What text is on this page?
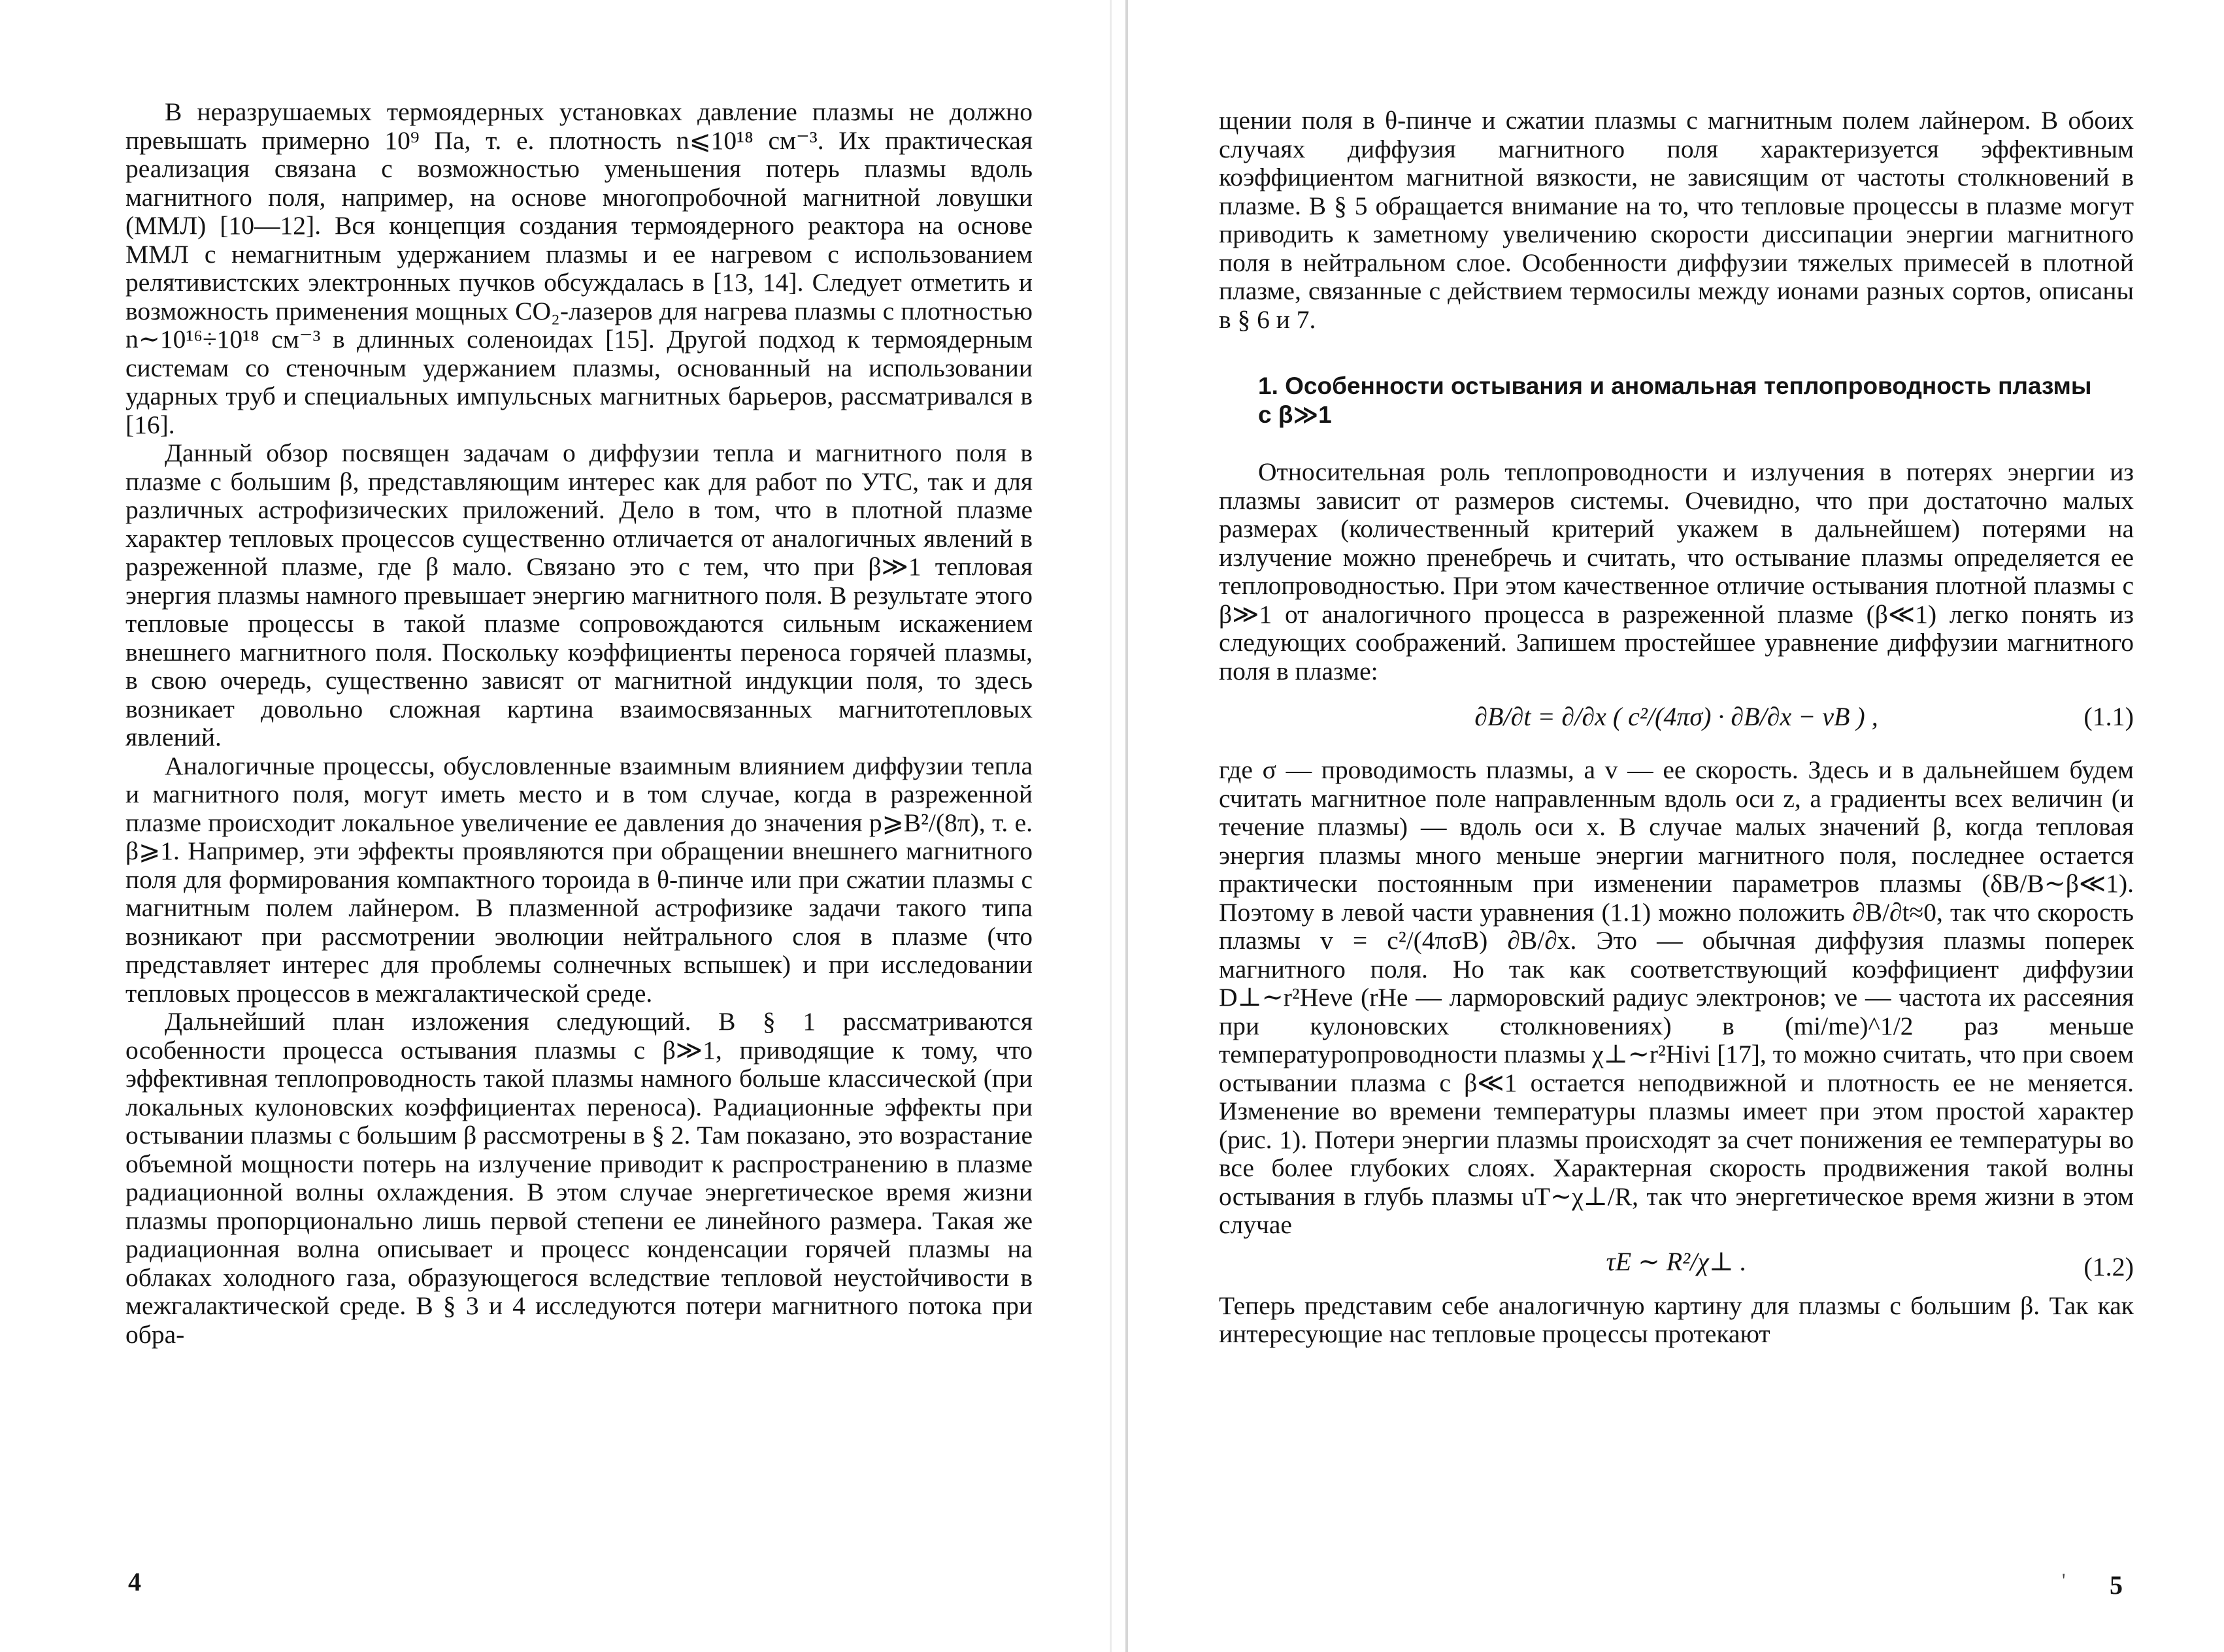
В неразрушаемых термоядерных установках давление плазмы не должно превышать примерно 10⁹ Па, т. е. плотность n⩽10¹⁸ см⁻³. Их практическая реализация связана с возможностью уменьшения потерь плазмы вдоль магнитного поля, например, на основе многопробочной магнитной ловушки (ММЛ) [10—12]. Вся концепция создания термоядерного реактора на основе ММЛ с немагнитным удержанием плазмы и ее нагревом с использованием релятивистских электронных пучков обсуждалась в [13, 14]. Следует отметить и возможность применения мощных CO₂-лазеров для нагрева плазмы с плотностью n∼10¹⁶÷10¹⁸ см⁻³ в длинных соленоидах [15]. Другой подход к термоядерным системам со стеночным удержанием плазмы, основанный на использовании ударных труб и специальных импульсных магнитных барьеров, рассматривался в [16].

Данный обзор посвящен задачам о диффузии тепла и магнитного поля в плазме с большим β, представляющим интерес как для работ по УТС, так и для различных астрофизических приложений. Дело в том, что в плотной плазме характер тепловых процессов существенно отличается от аналогичных явлений в разреженной плазме, где β мало. Связано это с тем, что при β≫1 тепловая энергия плазмы намного превышает энергию магнитного поля. В результате этого тепловые процессы в такой плазме сопровождаются сильным искажением внешнего магнитного поля. Поскольку коэффициенты переноса горячей плазмы, в свою очередь, существенно зависят от магнитной индукции поля, то здесь возникает довольно сложная картина взаимосвязанных магнитотепловых явлений.

Аналогичные процессы, обусловленные взаимным влиянием диффузии тепла и магнитного поля, могут иметь место и в том случае, когда в разреженной плазме происходит локальное увеличение ее давления до значения p⩾B²/(8π), т. е. β⩾1. Например, эти эффекты проявляются при обращении внешнего магнитного поля для формирования компактного тороида в θ-пинче или при сжатии плазмы с магнитным полем лайнером. В плазменной астрофизике задачи такого типа возникают при рассмотрении эволюции нейтрального слоя в плазме (что представляет интерес для проблемы солнечных вспышек) и при исследовании тепловых процессов в межгалактической среде.

Дальнейший план изложения следующий. В § 1 рассматриваются особенности процесса остывания плазмы с β≫1, приводящие к тому, что эффективная теплопроводность такой плазмы намного больше классической (при локальных кулоновских коэффициентах переноса). Радиационные эффекты при остывании плазмы с большим β рассмотрены в § 2. Там показано, это возрастание объемной мощности потерь на излучение приводит к распространению в плазме радиационной волны охлаждения. В этом случае энергетическое время жизни плазмы пропорционально лишь первой степени ее линейного размера. Такая же радиационная волна описывает и процесс конденсации горячей плазмы на облаках холодного газа, образующегося вследствие тепловой неустойчивости в межгалактической среде. В § 3 и 4 исследуются потери магнитного потока при обра-

4

щении поля в θ-пинче и сжатии плазмы с магнитным полем лайнером. В обоих случаях диффузия магнитного поля характеризуется эффективным коэффициентом магнитной вязкости, не зависящим от частоты столкновений в плазме. В § 5 обращается внимание на то, что тепловые процессы в плазме могут приводить к заметному увеличению скорости диссипации энергии магнитного поля в нейтральном слое. Особенности диффузии тяжелых примесей в плотной плазме, связанные с действием термосилы между ионами разных сортов, описаны в § 6 и 7.

1. Особенности остывания и аномальная теплопроводность плазмы с β≫1

Относительная роль теплопроводности и излучения в потерях энергии из плазмы зависит от размеров системы. Очевидно, что при достаточно малых размерах (количественный критерий укажем в дальнейшем) потерями на излучение можно пренебречь и считать, что остывание плазмы определяется ее теплопроводностью. При этом качественное отличие остывания плотной плазмы с β≫1 от аналогичного процесса в разреженной плазме (β≪1) легко понять из следующих соображений. Запишем простейшее уравнение диффузии магнитного поля в плазме:

∂B/∂t = ∂/∂x ( c²/(4πσ) · ∂B/∂x − vB ) ,	(1.1)

где σ — проводимость плазмы, а v — ее скорость. Здесь и в дальнейшем будем считать магнитное поле направленным вдоль оси z, а градиенты всех величин (и течение плазмы) — вдоль оси x. В случае малых значений β, когда тепловая энергия плазмы много меньше энергии магнитного поля, последнее остается практически постоянным при изменении параметров плазмы (δB/B∼β≪1). Поэтому в левой части уравнения (1.1) можно положить ∂B/∂t≈0, так что скорость плазмы v = c²/(4πσB) ∂B/∂x. Это — обычная диффузия плазмы поперек магнитного поля. Но так как соответствующий коэффициент диффузии D⊥∼r²Heνe (rHe — ларморовский радиус электронов; νe — частота их рассеяния при кулоновских столкновениях) в (mi/me)^1/2 раз меньше температуропроводности плазмы χ⊥∼r²Hiνi [17], то можно считать, что при своем остывании плазма с β≪1 остается неподвижной и плотность ее не меняется. Изменение во времени температуры плазмы имеет при этом простой характер (рис. 1). Потери энергии плазмы происходят за счет понижения ее температуры во все более глубоких слоях. Характерная скорость продвижения такой волны остывания в глубь плазмы uT∼χ⊥/R, так что энергетическое время жизни в этом случае

τE ∼ R²/χ⊥ .	(1.2)

Теперь представим себе аналогичную картину для плазмы с большим β. Так как интересующие нас тепловые процессы протекают

' 5
